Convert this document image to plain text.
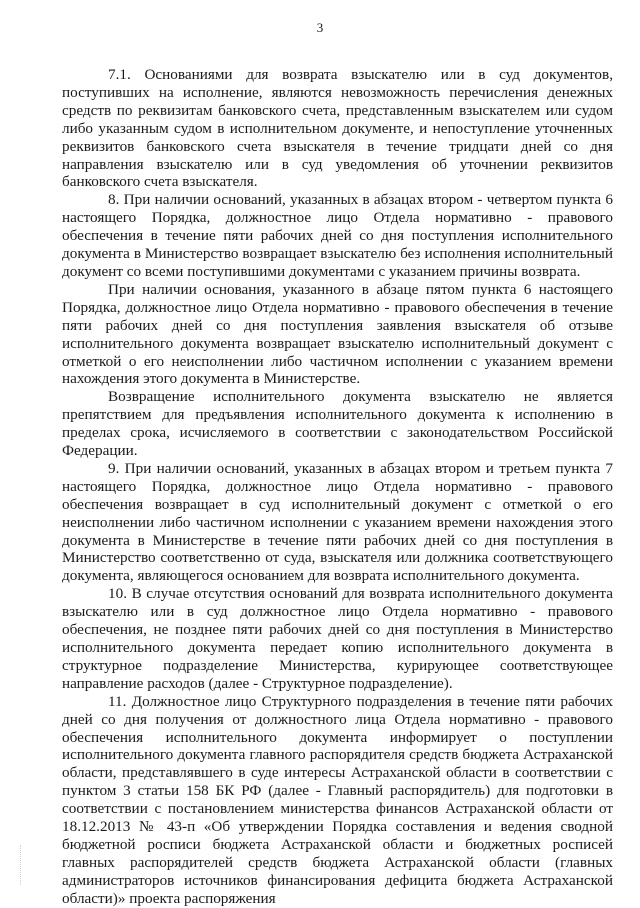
3

7.1. Основаниями для возврата взыскателю или в суд документов, поступивших на исполнение, являются невозможность перечисления денежных средств по реквизитам банковского счета, представленным взыскателем или судом либо указанным судом в исполнительном документе, и непоступление уточненных реквизитов банковского счета взыскателя в течение тридцати дней со дня направления взыскателю или в суд уведомления об уточнении реквизитов банковского счета взыскателя.

8. При наличии оснований, указанных в абзацах втором - четвертом пункта 6 настоящего Порядка, должностное лицо Отдела нормативно - правового обеспечения в течение пяти рабочих дней со дня поступления исполнительного документа в Министерство возвращает взыскателю без исполнения исполнительный документ со всеми поступившими документами с указанием причины возврата.

При наличии основания, указанного в абзаце пятом пункта 6 настоящего Порядка, должностное лицо Отдела нормативно - правового обеспечения в течение пяти рабочих дней со дня поступления заявления взыскателя об отзыве исполнительного документа возвращает взыскателю исполнительный документ с отметкой о его неисполнении либо частичном исполнении с указанием времени нахождения этого документа в Министерстве.

Возвращение исполнительного документа взыскателю не является препятствием для предъявления исполнительного документа к исполнению в пределах срока, исчисляемого в соответствии с законодательством Российской Федерации.

9. При наличии оснований, указанных в абзацах втором и третьем пункта 7 настоящего Порядка, должностное лицо Отдела нормативно - правового обеспечения возвращает в суд исполнительный документ с отметкой о его неисполнении либо частичном исполнении с указанием времени нахождения этого документа в Министерстве в течение пяти рабочих дней со дня поступления в Министерство соответственно от суда, взыскателя или должника соответствующего документа, являющегося основанием для возврата исполнительного документа.

10. В случае отсутствия оснований для возврата исполнительного документа взыскателю или в суд должностное лицо Отдела нормативно - правового обеспечения, не позднее пяти рабочих дней со дня поступления в Министерство исполнительного документа передает копию исполнительного документа в структурное подразделение Министерства, курирующее соответствующее направление расходов (далее - Структурное подразделение).

11. Должностное лицо Структурного подразделения в течение пяти рабочих дней со дня получения от должностного лица Отдела нормативно - правового обеспечения исполнительного документа информирует о поступлении исполнительного документа главного распорядителя средств бюджета Астраханской области, представлявшего в суде интересы Астраханской области в соответствии с пунктом 3 статьи 158 БК РФ (далее - Главный распорядитель) для подготовки в соответствии с постановлением министерства финансов Астраханской области от 18.12.2013 № 43-п «Об утверждении Порядка составления и ведения сводной бюджетной росписи бюджета Астраханской области и бюджетных росписей главных распорядителей средств бюджета Астраханской области (главных администраторов источников финансирования дефицита бюджета Астраханской области)» проекта распоряжения
